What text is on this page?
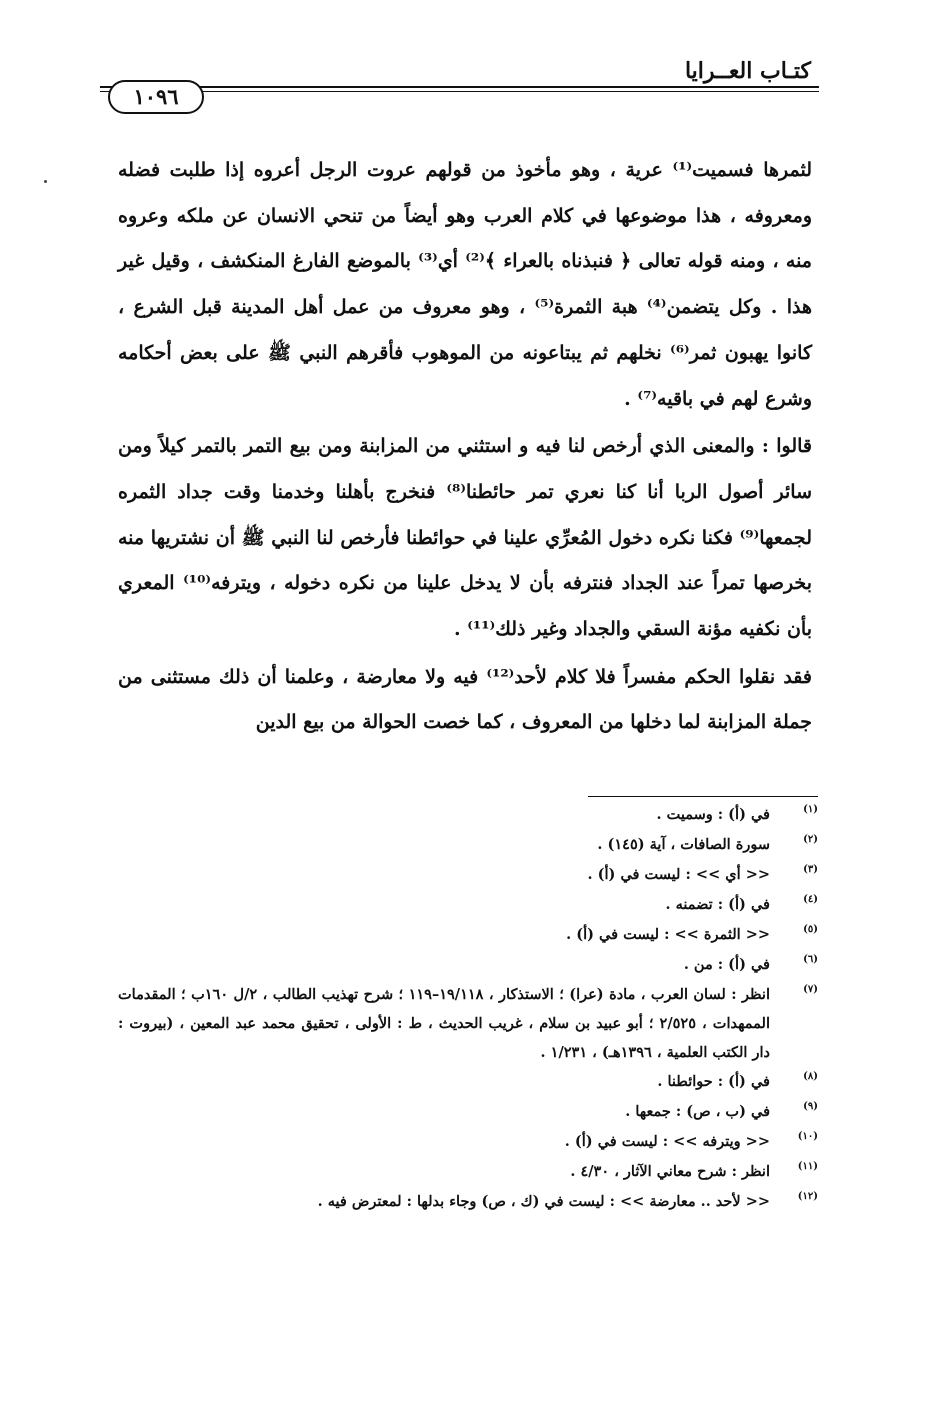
كتـاب العــرايا
١٠٩٦

لثمرها فسميت⁽¹⁾ عرية ، وهو مأخوذ من قولهم عروت الرجل أعروه إذا طلبت فضله ومعروفه ، هذا موضوعها في كلام العرب وهو أيضاً من تنحي الانسان عن ملكه وعروه منه ، ومنه قوله تعالى ﴿ فنبذناه بالعراء ﴾⁽²⁾ أي⁽³⁾ بالموضع الفارغ المنكشف ، وقيل غير هذا . وكل يتضمن⁽⁴⁾ هبة الثمرة⁽⁵⁾ ، وهو معروف من عمل أهل المدينة قبل الشرع ، كانوا يهبون ثمر⁽⁶⁾ نخلهم ثم يبتاعونه من الموهوب فأقرهم النبي ﷺ على بعض أحكامه وشرع لهم في باقيه⁽⁷⁾ .

قالوا : والمعنى الذي أرخص لنا فيه و استثني من المزابنة ومن بيع التمر بالتمر كيلاً ومن سائر أصول الربا أنا كنا نعري تمر حائطنا⁽⁸⁾ فنخرج بأهلنا وخدمنا وقت جداد الثمره لجمعها⁽⁹⁾ فكنا نكره دخول المُعرِّي علينا في حوائطنا فأرخص لنا النبي ﷺ أن نشتريها منه بخرصها تمراً عند الجداد فنترفه بأن لا يدخل علينا من نكره دخوله ، ويترفه⁽¹⁰⁾ المعري بأن نكفيه مؤنة السقي والجداد وغير ذلك⁽¹¹⁾ .

فقد نقلوا الحكم مفسراً فلا كلام لأحد⁽¹²⁾ فيه ولا معارضة ، وعلمنا أن ذلك مستثنى من جملة المزابنة لما دخلها من المعروف ، كما خصت الحوالة من بيع الدين

(١)
في (أ) : وسميت .
(٢)
سورة الصافات ، آية (١٤٥) .
(٣)
<< أي >> : ليست في (أ) .
(٤)
في (أ) : تضمنه .
(٥)
<< الثمرة >> : ليست في (أ) .
(٦)
في (أ) : من .
(٧)
انظر : لسان العرب ، مادة (عرا) ؛ الاستذكار ، ١٩/١١٨–١١٩ ؛ شرح تهذيب الطالب ، ٢/ل ١٦٠ب ؛ المقدمات الممهدات ، ٢/٥٢٥ ؛ أبو عبيد بن سلام ، غريب الحديث ، ط : الأولى ، تحقيق محمد عبد المعين ، (بيروت : دار الكتب العلمية ، ١٣٩٦هـ) ، ١/٢٣١ .
(٨)
في (أ) : حوائطنا .
(٩)
في (ب ، ص) : جمعها .
(١٠)
<< ويترفه >> : ليست في (أ) .
(١١)
انظر : شرح معاني الآثار ، ٤/٣٠ .
(١٢)
<< لأحد .. معارضة >> : ليست في (ك ، ص) وجاء بدلها : لمعترض فيه .
